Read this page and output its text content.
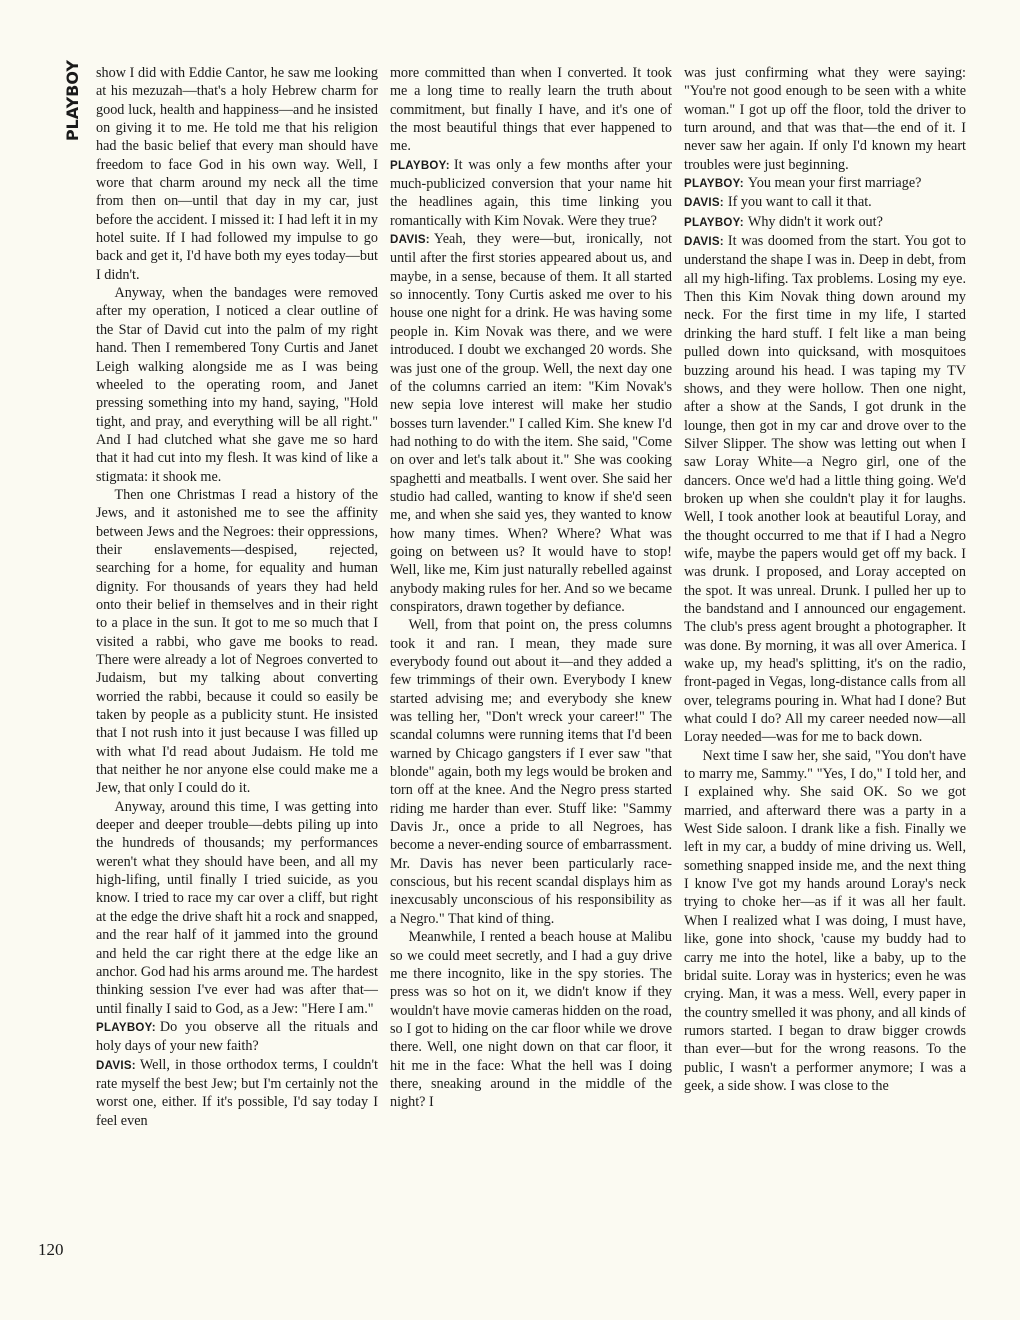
PLAYBOY show I did with Eddie Cantor, he saw me looking at his mezuzah—that's a holy Hebrew charm for good luck, health and happiness—and he insisted on giving it to me. He told me that his religion had the basic belief that every man should have freedom to face God in his own way. Well, I wore that charm around my neck all the time from then on—until that day in my car, just before the accident. I missed it: I had left it in my hotel suite. If I had followed my impulse to go back and get it, I'd have both my eyes today—but I didn't.

Anyway, when the bandages were removed after my operation, I noticed a clear outline of the Star of David cut into the palm of my right hand. Then I remembered Tony Curtis and Janet Leigh walking alongside me as I was being wheeled to the operating room, and Janet pressing something into my hand, saying, "Hold tight, and pray, and everything will be all right." And I had clutched what she gave me so hard that it had cut into my flesh. It was kind of like a stigmata: it shook me.

Then one Christmas I read a history of the Jews, and it astonished me to see the affinity between Jews and the Negroes: their oppressions, their enslavements—despised, rejected, searching for a home, for equality and human dignity. For thousands of years they had held onto their belief in themselves and in their right to a place in the sun. It got to me so much that I visited a rabbi, who gave me books to read. There were already a lot of Negroes converted to Judaism, but my talking about converting worried the rabbi, because it could so easily be taken by people as a publicity stunt. He insisted that I not rush into it just because I was filled up with what I'd read about Judaism. He told me that neither he nor anyone else could make me a Jew, that only I could do it.

Anyway, around this time, I was getting into deeper and deeper trouble—debts piling up into the hundreds of thousands; my performances weren't what they should have been, and all my high-lifing, until finally I tried suicide, as you know. I tried to race my car over a cliff, but right at the edge the drive shaft hit a rock and snapped, and the rear half of it jammed into the ground and held the car right there at the edge like an anchor. God had his arms around me. The hardest thinking session I've ever had was after that—until finally I said to God, as a Jew: "Here I am."

PLAYBOY: Do you observe all the rituals and holy days of your new faith?

DAVIS: Well, in those orthodox terms, I couldn't rate myself the best Jew; but I'm certainly not the worst one, either. If it's possible, I'd say today I feel even

more committed than when I converted. It took me a long time to really learn the truth about commitment, but finally I have, and it's one of the most beautiful things that ever happened to me.

PLAYBOY: It was only a few months after your much-publicized conversion that your name hit the headlines again, this time linking you romantically with Kim Novak. Were they true?

DAVIS: Yeah, they were—but, ironically, not until after the first stories appeared about us, and maybe, in a sense, because of them. It all started so innocently. Tony Curtis asked me over to his house one night for a drink. He was having some people in. Kim Novak was there, and we were introduced. I doubt we exchanged 20 words. She was just one of the group. Well, the next day one of the columns carried an item: "Kim Novak's new sepia love interest will make her studio bosses turn lavender." I called Kim. She knew I'd had nothing to do with the item. She said, "Come on over and let's talk about it." She was cooking spaghetti and meatballs. I went over. She said her studio had called, wanting to know if she'd seen me, and when she said yes, they wanted to know how many times. When? Where? What was going on between us? It would have to stop! Well, like me, Kim just naturally rebelled against anybody making rules for her. And so we became conspirators, drawn together by defiance.

Well, from that point on, the press columns took it and ran. I mean, they made sure everybody found out about it—and they added a few trimmings of their own. Everybody I knew started advising me; and everybody she knew was telling her, "Don't wreck your career!" The scandal columns were running items that I'd been warned by Chicago gangsters if I ever saw "that blonde" again, both my legs would be broken and torn off at the knee. And the Negro press started riding me harder than ever. Stuff like: "Sammy Davis Jr., once a pride to all Negroes, has become a never-ending source of embarrassment. Mr. Davis has never been particularly race-conscious, but his recent scandal displays him as inexcusably unconscious of his responsibility as a Negro." That kind of thing.

Meanwhile, I rented a beach house at Malibu so we could meet secretly, and I had a guy drive me there incognito, like in the spy stories. The press was so hot on it, we didn't know if they wouldn't have movie cameras hidden on the road, so I got to hiding on the car floor while we drove there. Well, one night down on that car floor, it hit me in the face: What the hell was I doing there, sneaking around in the middle of the night? I

was just confirming what they were saying: "You're not good enough to be seen with a white woman." I got up off the floor, told the driver to turn around, and that was that—the end of it. I never saw her again. If only I'd known my heart troubles were just beginning.

PLAYBOY: You mean your first marriage?

DAVIS: If you want to call it that.

PLAYBOY: Why didn't it work out?

DAVIS: It was doomed from the start. You got to understand the shape I was in. Deep in debt, from all my high-lifing. Tax problems. Losing my eye. Then this Kim Novak thing down around my neck. For the first time in my life, I started drinking the hard stuff. I felt like a man being pulled down into quicksand, with mosquitoes buzzing around his head. I was taping my TV shows, and they were hollow. Then one night, after a show at the Sands, I got drunk in the lounge, then got in my car and drove over to the Silver Slipper. The show was letting out when I saw Loray White—a Negro girl, one of the dancers. Once we'd had a little thing going. We'd broken up when she couldn't play it for laughs. Well, I took another look at beautiful Loray, and the thought occurred to me that if I had a Negro wife, maybe the papers would get off my back. I was drunk. I proposed, and Loray accepted on the spot. It was unreal. Drunk. I pulled her up to the bandstand and I announced our engagement. The club's press agent brought a photographer. It was done. By morning, it was all over America. I wake up, my head's splitting, it's on the radio, front-paged in Vegas, long-distance calls from all over, telegrams pouring in. What had I done? But what could I do? All my career needed now—all Loray needed—was for me to back down.

Next time I saw her, she said, "You don't have to marry me, Sammy." "Yes, I do," I told her, and I explained why. She said OK. So we got married, and afterward there was a party in a West Side saloon. I drank like a fish. Finally we left in my car, a buddy of mine driving us. Well, something snapped inside me, and the next thing I know I've got my hands around Loray's neck trying to choke her—as if it was all her fault. When I realized what I was doing, I must have, like, gone into shock, 'cause my buddy had to carry me into the hotel, like a baby, up to the bridal suite. Loray was in hysterics; even he was crying. Man, it was a mess. Well, every paper in the country smelled it was phony, and all kinds of rumors started. I began to draw bigger crowds than ever—but for the wrong reasons. To the public, I wasn't a performer anymore; I was a geek, a side show. I was close to the

120
